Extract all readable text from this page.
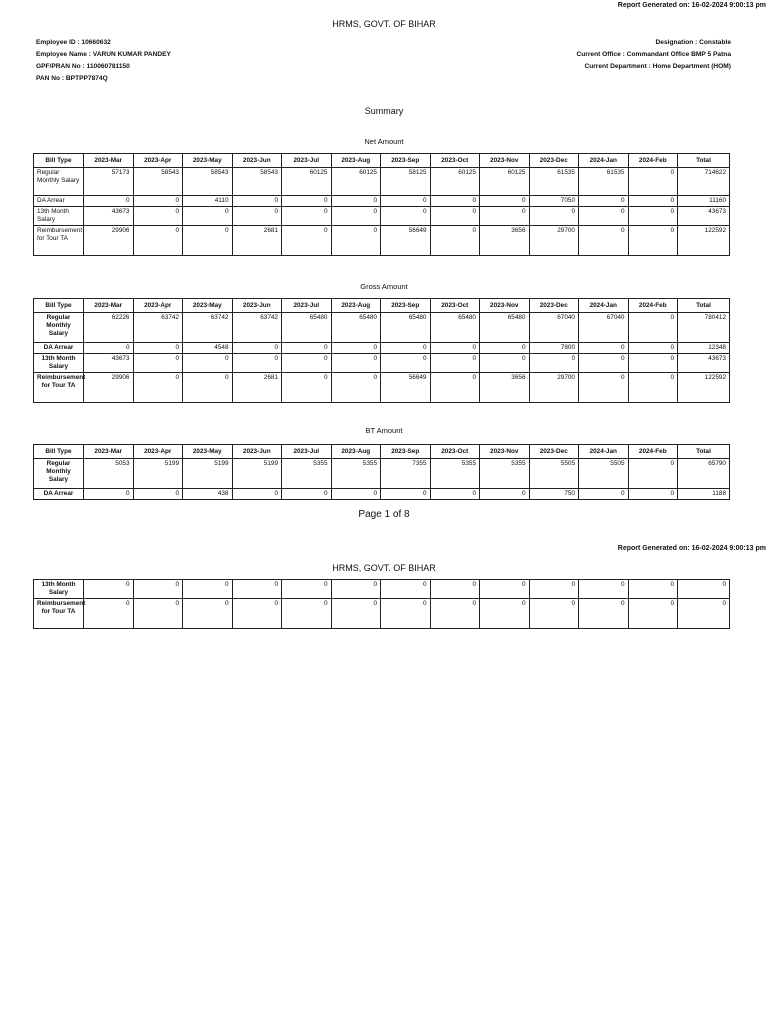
Report Generated on: 16-02-2024 9:00:13 pm
HRMS, GOVT. OF BIHAR
Employee ID : 10660632
Employee Name : VARUN KUMAR PANDEY
GPF/PRAN No : 110060781150
PAN No : BPTPP7874Q
Designation : Constable
Current Office : Commandant Office BMP 5 Patna
Current Department : Home Department (HOM)
Summary
Net Amount
Bill Type	2023-Mar	2023-Apr	2023-May	2023-Jun	2023-Jul	2023-Aug	2023-Sep	2023-Oct	2023-Nov	2023-Dec	2024-Jan	2024-Feb	Total
Regular Monthly Salary	57173	58543	58543	58543	60125	60125	58125	60125	60125	61535	61535	0	714622
DA Arrear	0	0	4110	0	0	0	0	0	0	7050	0	0	11160
13th Month Salary	43673	0	0	0	0	0	0	0	0	0	0	0	43673
Reimbursement for Tour TA	29906	0	0	2681	0	0	56649	0	3656	29700	0	0	122592
Gross Amount
Bill Type	2023-Mar	2023-Apr	2023-May	2023-Jun	2023-Jul	2023-Aug	2023-Sep	2023-Oct	2023-Nov	2023-Dec	2024-Jan	2024-Feb	Total
Regular Monthly Salary	62226	63742	63742	63742	65480	65480	65480	65480	65480	67040	67040	0	780412
DA Arrear	0	0	4548	0	0	0	0	0	0	7800	0	0	12348
13th Month Salary	43673	0	0	0	0	0	0	0	0	0	0	0	43673
Reimbursement for Tour TA	29906	0	0	2681	0	0	56649	0	3656	29700	0	0	122592
BT Amount
Bill Type	2023-Mar	2023-Apr	2023-May	2023-Jun	2023-Jul	2023-Aug	2023-Sep	2023-Oct	2023-Nov	2023-Dec	2024-Jan	2024-Feb	Total
Regular Monthly Salary	5053	5199	5199	5199	5355	5355	7355	5355	5355	5505	5505	0	65790
DA Arrear	0	0	438	0	0	0	0	0	0	750	0	0	1188
Page 1 of 8
Report Generated on: 16-02-2024 9:00:13 pm
HRMS, GOVT. OF BIHAR
13th Month Salary	0	0	0	0	0	0	0	0	0	0	0	0	0
Reimbursement for Tour TA	0	0	0	0	0	0	0	0	0	0	0	0	0
